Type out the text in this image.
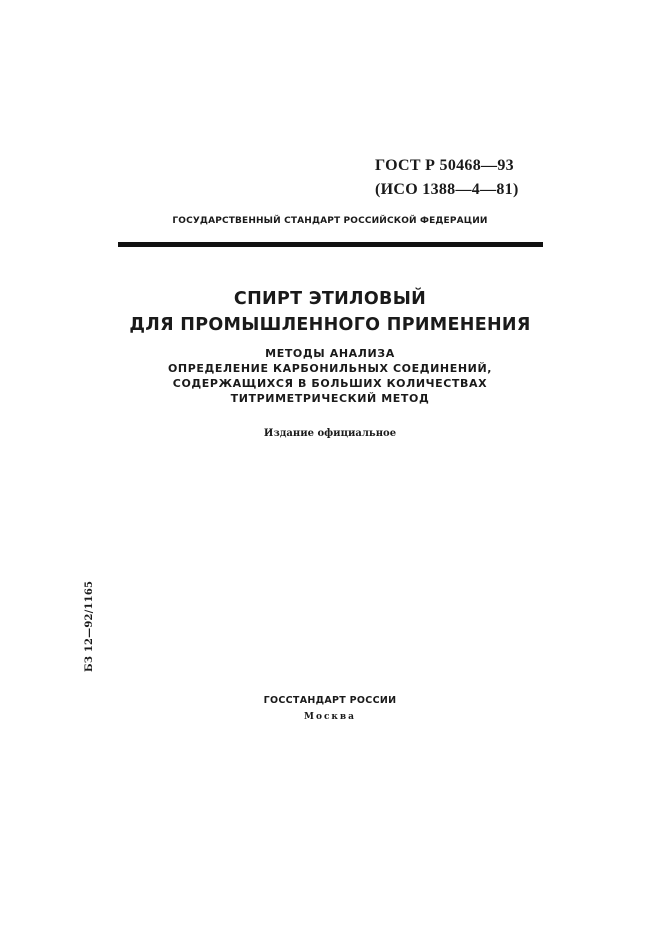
ГОСТ Р 50468—93
(ИСО 1388—4—81)
ГОСУДАРСТВЕННЫЙ СТАНДАРТ РОССИЙСКОЙ ФЕДЕРАЦИИ
СПИРТ ЭТИЛОВЫЙ
ДЛЯ ПРОМЫШЛЕННОГО ПРИМЕНЕНИЯ
МЕТОДЫ АНАЛИЗА
ОПРЕДЕЛЕНИЕ КАРБОНИЛЬНЫХ СОЕДИНЕНИЙ,
СОДЕРЖАЩИХСЯ В БОЛЬШИХ КОЛИЧЕСТВАХ
ТИТРИМЕТРИЧЕСКИЙ МЕТОД
Издание официальное
БЗ 12—92/1165
ГОССТАНДАРТ РОССИИ
Москва
